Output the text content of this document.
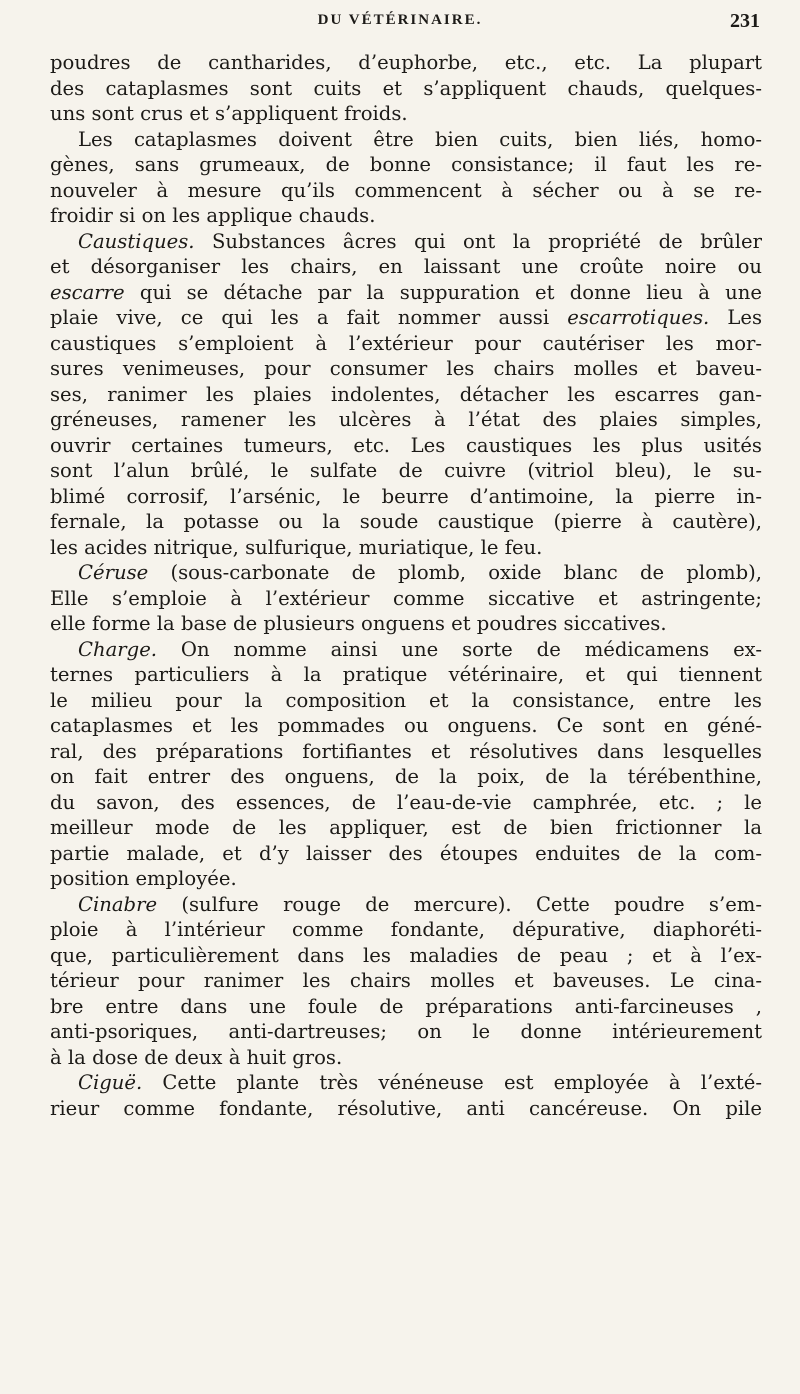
DU VÉTÉRINAIRE.	231
poudres de cantharides, d’euphorbe, etc., etc. La plupart
des cataplasmes sont cuits et s’appliquent chauds, quelques-
uns sont crus et s’appliquent froids.
Les cataplasmes doivent être bien cuits, bien liés, homo-
gènes, sans grumeaux, de bonne consistance; il faut les re-
nouveler à mesure qu’ils commencent à sécher ou à se re-
froidir si on les applique chauds.
Caustiques. Substances âcres qui ont la propriété de brûler
et désorganiser les chairs, en laissant une croûte noire ou
escarre qui se détache par la suppuration et donne lieu à une
plaie vive, ce qui les a fait nommer aussi escarrotiques. Les
caustiques s’emploient à l’extérieur pour cautériser les mor-
sures venimeuses, pour consumer les chairs molles et baveu-
ses, ranimer les plaies indolentes, détacher les escarres gan-
gréneuses, ramener les ulcères à l’état des plaies simples,
ouvrir certaines tumeurs, etc. Les caustiques les plus usités
sont l’alun brûlé, le sulfate de cuivre (vitriol bleu), le su-
blimé corrosif, l’arsénic, le beurre d’antimoine, la pierre in-
fernale, la potasse ou la soude caustique (pierre à cautère),
les acides nitrique, sulfurique, muriatique, le feu.
Céruse (sous-carbonate de plomb, oxide blanc de plomb),
Elle s’emploie à l’extérieur comme siccative et astringente;
elle forme la base de plusieurs onguens et poudres siccatives.
Charge. On nomme ainsi une sorte de médicamens ex-
ternes particuliers à la pratique vétérinaire, et qui tiennent
le milieu pour la composition et la consistance, entre les
cataplasmes et les pommades ou onguens. Ce sont en géné-
ral, des préparations fortifiantes et résolutives dans lesquelles
on fait entrer des onguens, de la poix, de la térébenthine,
du savon, des essences, de l’eau-de-vie camphrée, etc. ; le
meilleur mode de les appliquer, est de bien frictionner la
partie malade, et d’y laisser des étoupes enduites de la com-
position employée.
Cinabre (sulfure rouge de mercure). Cette poudre s’em-
ploie à l’intérieur comme fondante, dépurative, diaphoréti-
que, particulièrement dans les maladies de peau ; et à l’ex-
térieur pour ranimer les chairs molles et baveuses. Le cina-
bre entre dans une foule de préparations anti-farcineuses ,
anti-psoriques, anti-dartreuses; on le donne intérieurement
à la dose de deux à huit gros.
Ciguë. Cette plante très vénéneuse est employée à l’exté-
rieur comme fondante, résolutive, anti cancéreuse. On pile
